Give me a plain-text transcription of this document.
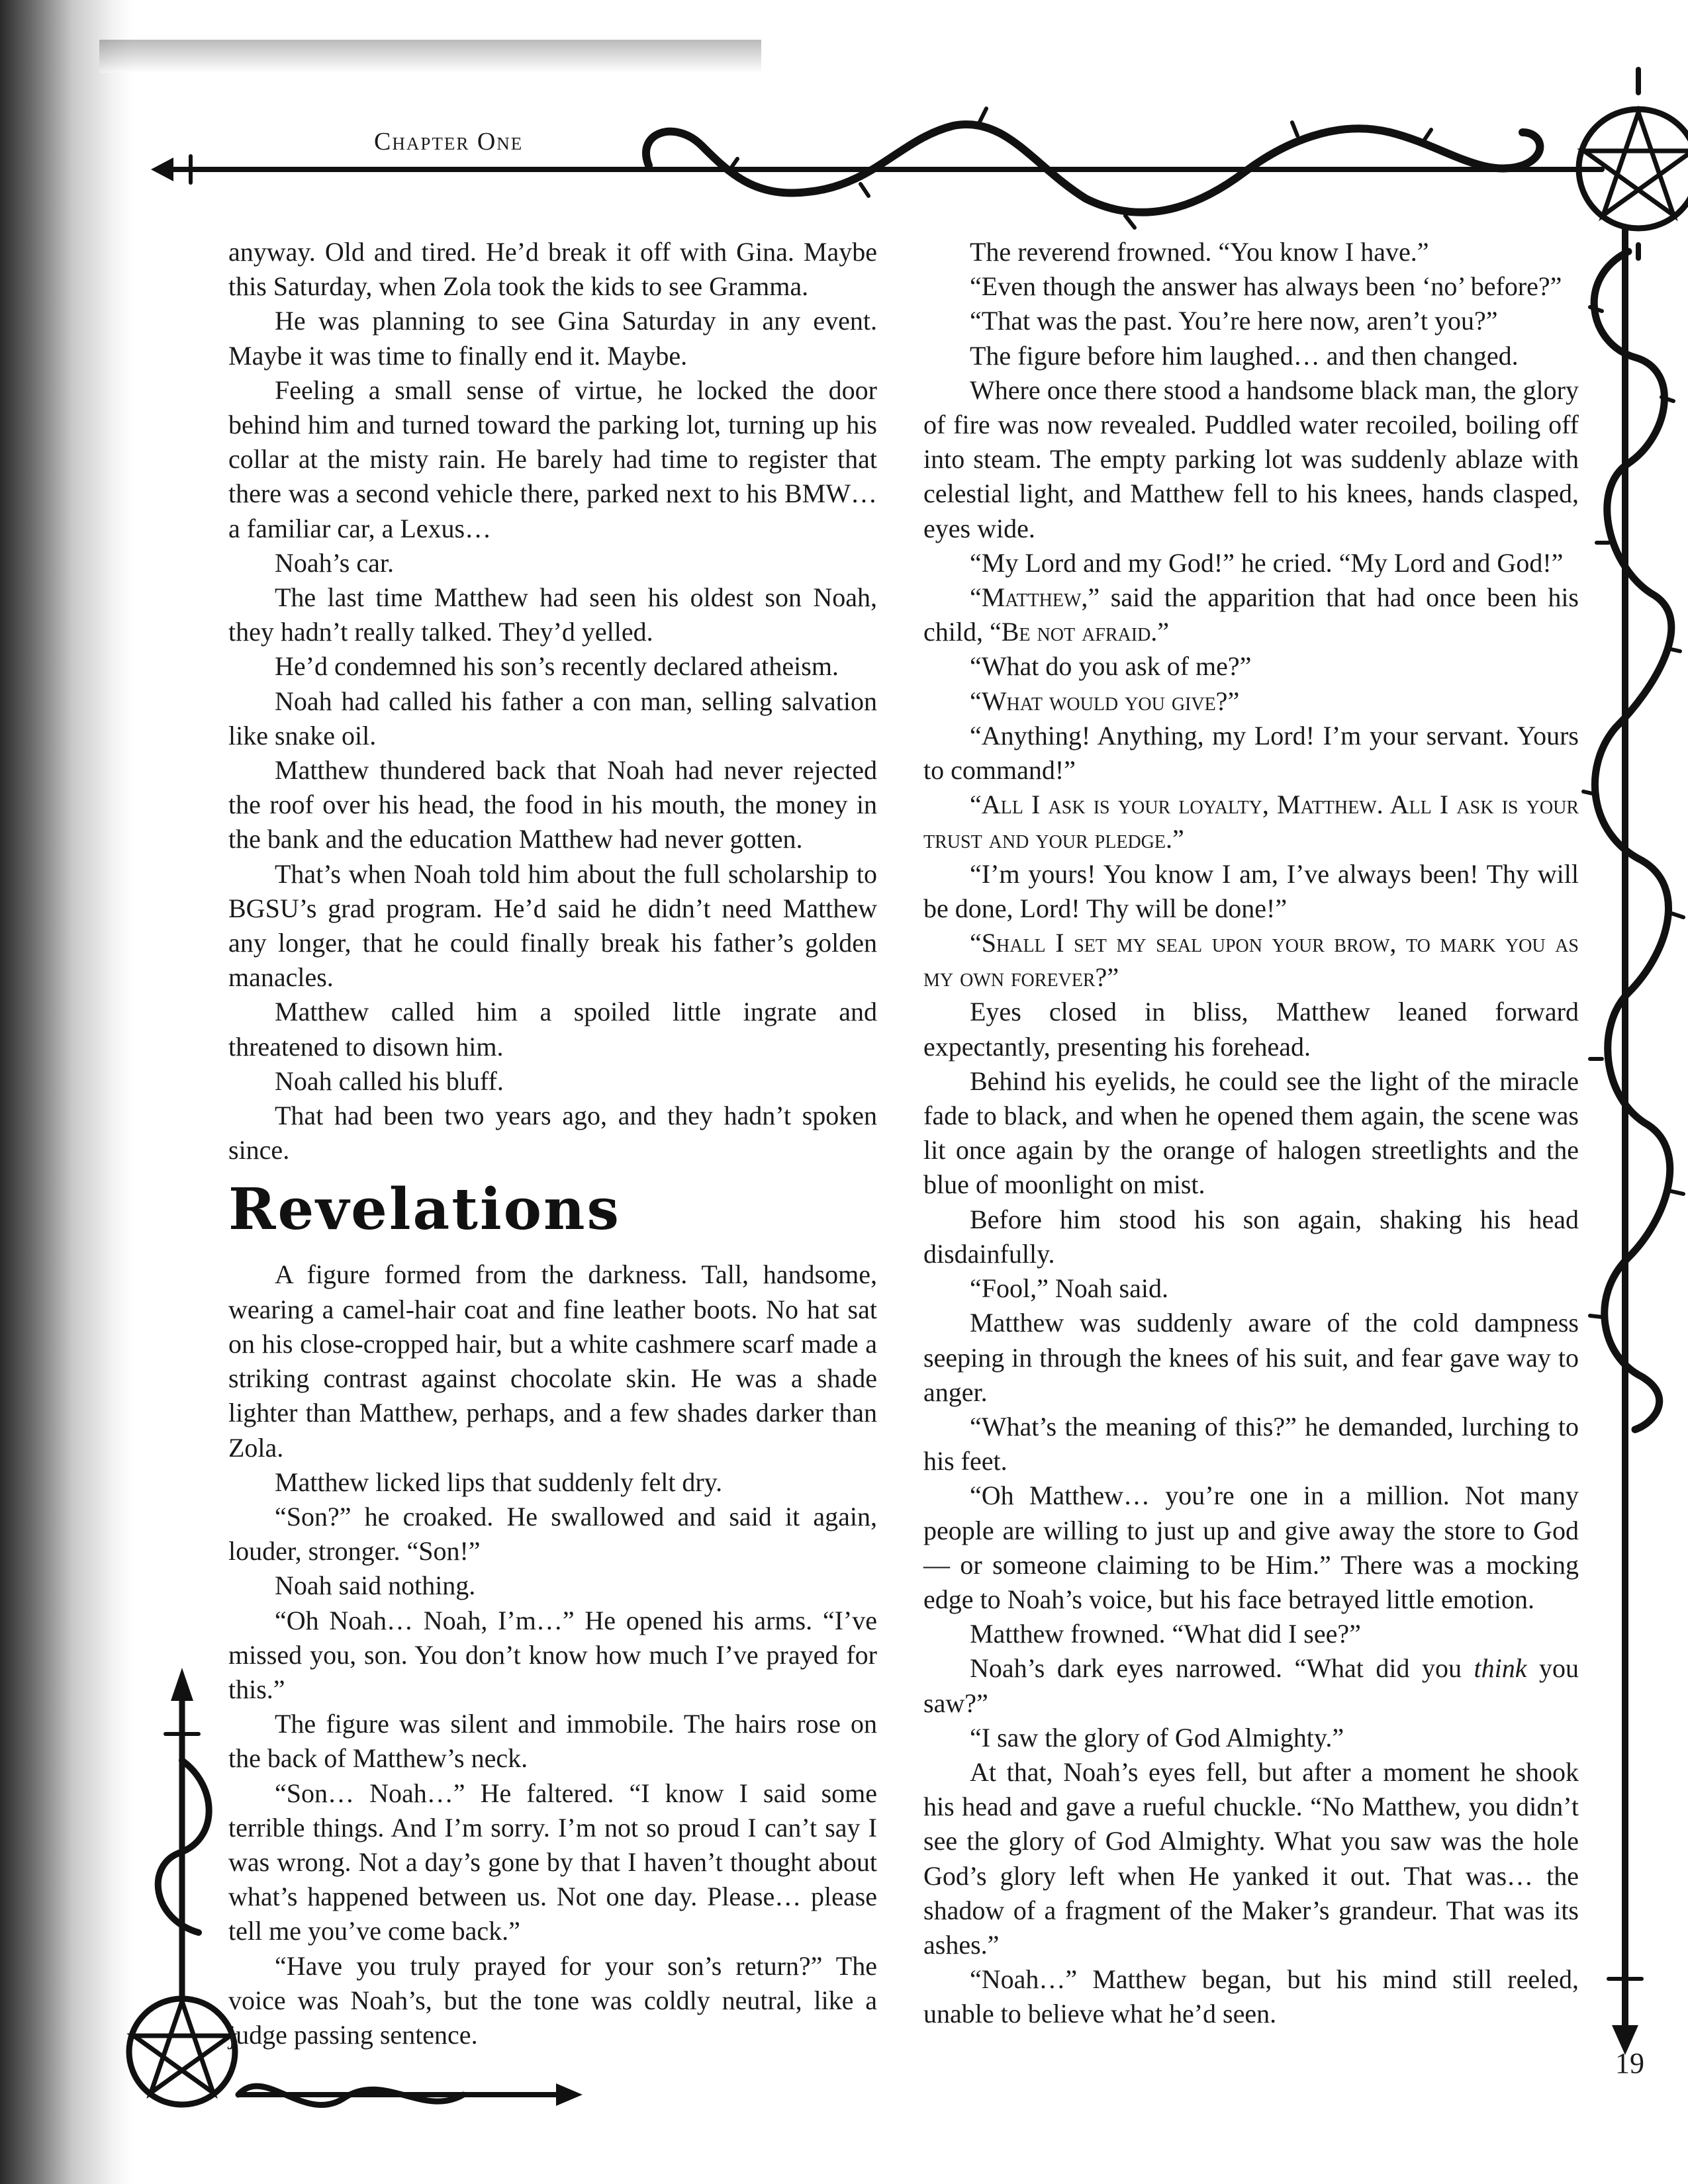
Chapter One

anyway. Old and tired. He’d break it off with Gina. Maybe this Saturday, when Zola took the kids to see Gramma.

He was planning to see Gina Saturday in any event. Maybe it was time to finally end it. Maybe.

Feeling a small sense of virtue, he locked the door behind him and turned toward the parking lot, turning up his collar at the misty rain. He barely had time to register that there was a second vehicle there, parked next to his BMW… a familiar car, a Lexus…

Noah’s car.

The last time Matthew had seen his oldest son Noah, they hadn’t really talked. They’d yelled.

He’d condemned his son’s recently declared atheism.

Noah had called his father a con man, selling salvation like snake oil.

Matthew thundered back that Noah had never rejected the roof over his head, the food in his mouth, the money in the bank and the education Matthew had never gotten.

That’s when Noah told him about the full scholarship to BGSU’s grad program. He’d said he didn’t need Matthew any longer, that he could finally break his father’s golden manacles.

Matthew called him a spoiled little ingrate and threatened to disown him.

Noah called his bluff.

That had been two years ago, and they hadn’t spoken since.

Revelations

A figure formed from the darkness. Tall, handsome, wearing a camel-hair coat and fine leather boots. No hat sat on his close-cropped hair, but a white cashmere scarf made a striking contrast against chocolate skin. He was a shade lighter than Matthew, perhaps, and a few shades darker than Zola.

Matthew licked lips that suddenly felt dry.

“Son?” he croaked. He swallowed and said it again, louder, stronger. “Son!”

Noah said nothing.

“Oh Noah… Noah, I’m…” He opened his arms. “I’ve missed you, son. You don’t know how much I’ve prayed for this.”

The figure was silent and immobile. The hairs rose on the back of Matthew’s neck.

“Son… Noah…” He faltered. “I know I said some terrible things. And I’m sorry. I’m not so proud I can’t say I was wrong. Not a day’s gone by that I haven’t thought about what’s happened between us. Not one day. Please… please tell me you’ve come back.”

“Have you truly prayed for your son’s return?” The voice was Noah’s, but the tone was coldly neutral, like a judge passing sentence.

The reverend frowned. “You know I have.”

“Even though the answer has always been ‘no’ before?”

“That was the past. You’re here now, aren’t you?”

The figure before him laughed… and then changed.

Where once there stood a handsome black man, the glory of fire was now revealed. Puddled water recoiled, boiling off into steam. The empty parking lot was suddenly ablaze with celestial light, and Matthew fell to his knees, hands clasped, eyes wide.

“My Lord and my God!” he cried. “My Lord and God!”

“Matthew,” said the apparition that had once been his child, “Be not afraid.”

“What do you ask of me?”

“What would you give?”

“Anything! Anything, my Lord! I’m your servant. Yours to command!”

“All I ask is your loyalty, Matthew. All I ask is your trust and your pledge.”

“I’m yours! You know I am, I’ve always been! Thy will be done, Lord! Thy will be done!”

“Shall I set my seal upon your brow, to mark you as my own forever?”

Eyes closed in bliss, Matthew leaned forward expectantly, presenting his forehead.

Behind his eyelids, he could see the light of the miracle fade to black, and when he opened them again, the scene was lit once again by the orange of halogen streetlights and the blue of moonlight on mist.

Before him stood his son again, shaking his head disdainfully.

“Fool,” Noah said.

Matthew was suddenly aware of the cold dampness seeping in through the knees of his suit, and fear gave way to anger.

“What’s the meaning of this?” he demanded, lurching to his feet.

“Oh Matthew… you’re one in a million. Not many people are willing to just up and give away the store to God — or someone claiming to be Him.” There was a mocking edge to Noah’s voice, but his face betrayed little emotion.

Matthew frowned. “What did I see?”

Noah’s dark eyes narrowed. “What did you think you saw?”

“I saw the glory of God Almighty.”

At that, Noah’s eyes fell, but after a moment he shook his head and gave a rueful chuckle. “No Matthew, you didn’t see the glory of God Almighty. What you saw was the hole God’s glory left when He yanked it out. That was… the shadow of a fragment of the Maker’s grandeur. That was its ashes.”

“Noah…” Matthew began, but his mind still reeled, unable to believe what he’d seen.

19
